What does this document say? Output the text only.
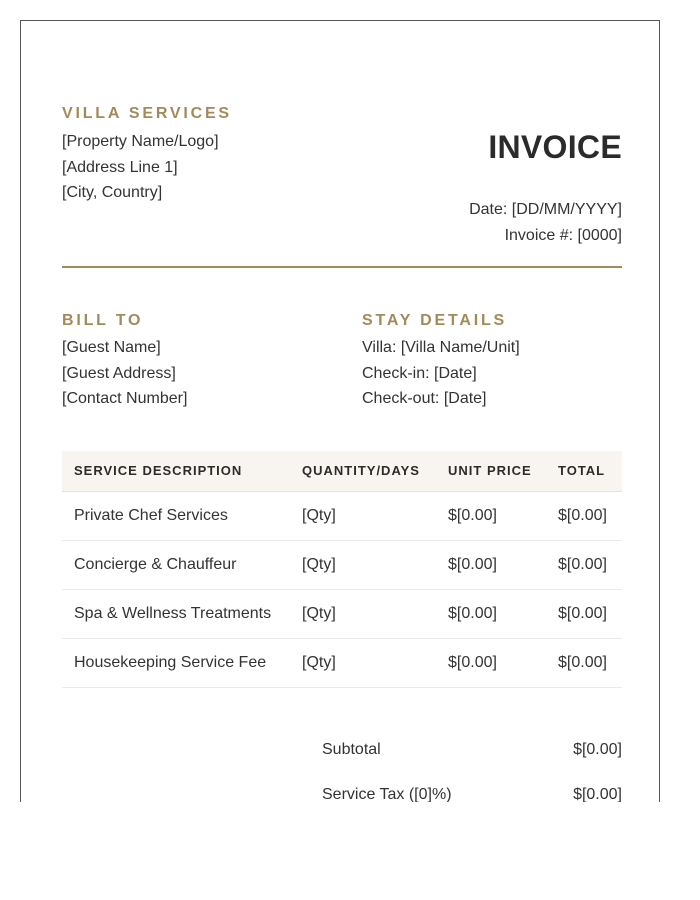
VILLA SERVICES
[Property Name/Logo]
[Address Line 1]
[City, Country]
INVOICE
Date: [DD/MM/YYYY]
Invoice #: [0000]
BILL TO
[Guest Name]
[Guest Address]
[Contact Number]
STAY DETAILS
Villa: [Villa Name/Unit]
Check-in: [Date]
Check-out: [Date]
SERVICE DESCRIPTION	QUANTITY/DAYS	UNIT PRICE	TOTAL
Private Chef Services	[Qty]	$[0.00]	$[0.00]
Concierge & Chauffeur	[Qty]	$[0.00]	$[0.00]
Spa & Wellness Treatments	[Qty]	$[0.00]	$[0.00]
Housekeeping Service Fee	[Qty]	$[0.00]	$[0.00]
Subtotal	$[0.00]
Service Tax ([0]%)	$[0.00]
